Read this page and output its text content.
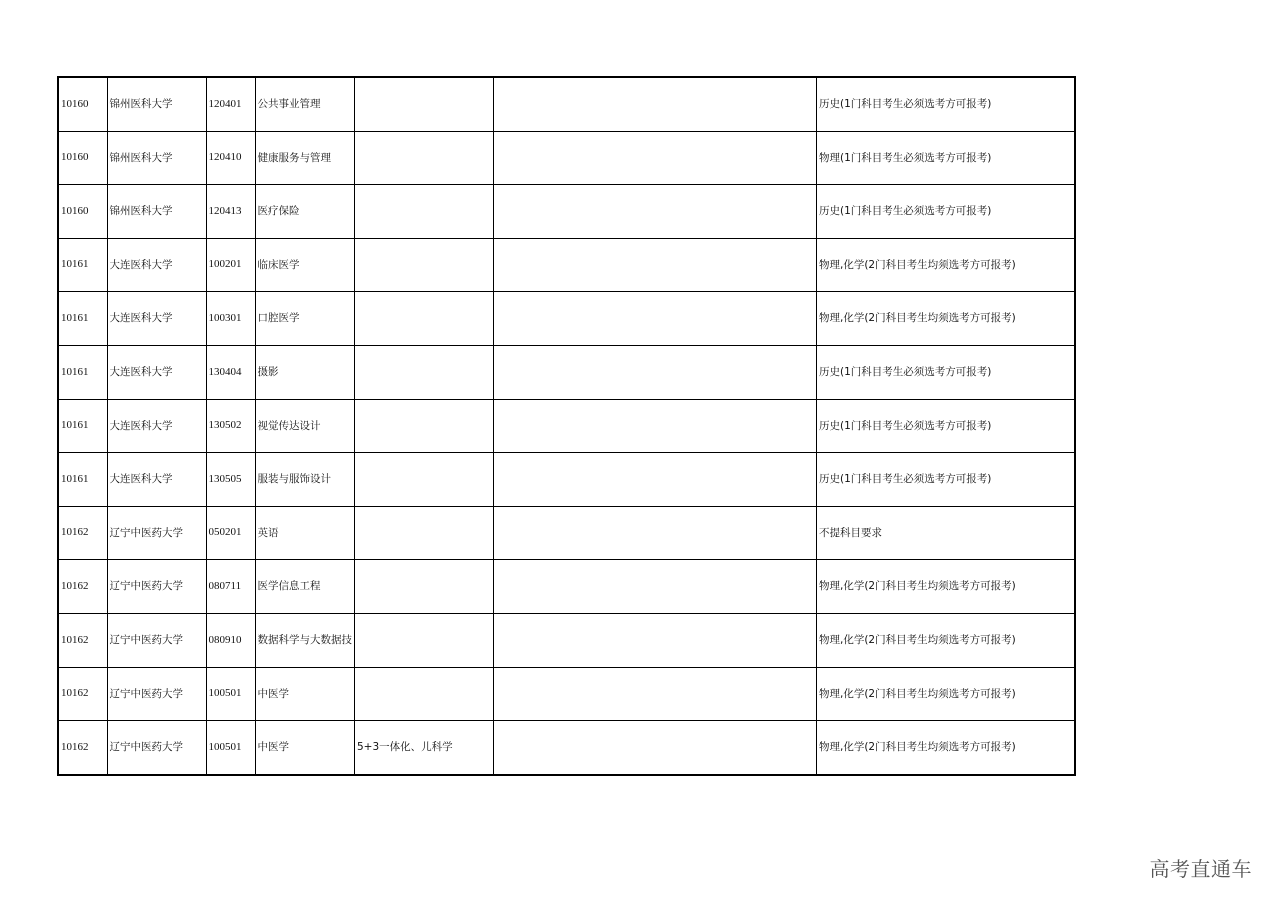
10160	锦州医科大学	120401	公共事业管理			历史(1门科目考生必须选考方可报考)
10160	锦州医科大学	120410	健康服务与管理			物理(1门科目考生必须选考方可报考)
10160	锦州医科大学	120413	医疗保险			历史(1门科目考生必须选考方可报考)
10161	大连医科大学	100201	临床医学			物理,化学(2门科目考生均须选考方可报考)
10161	大连医科大学	100301	口腔医学			物理,化学(2门科目考生均须选考方可报考)
10161	大连医科大学	130404	摄影			历史(1门科目考生必须选考方可报考)
10161	大连医科大学	130502	视觉传达设计			历史(1门科目考生必须选考方可报考)
10161	大连医科大学	130505	服装与服饰设计			历史(1门科目考生必须选考方可报考)
10162	辽宁中医药大学	050201	英语			不提科目要求
10162	辽宁中医药大学	080711	医学信息工程			物理,化学(2门科目考生均须选考方可报考)
10162	辽宁中医药大学	080910	数据科学与大数据技			物理,化学(2门科目考生均须选考方可报考)
10162	辽宁中医药大学	100501	中医学			物理,化学(2门科目考生均须选考方可报考)
10162	辽宁中医药大学	100501	中医学	5+3一体化、儿科学		物理,化学(2门科目考生均须选考方可报考)
高考直通车
